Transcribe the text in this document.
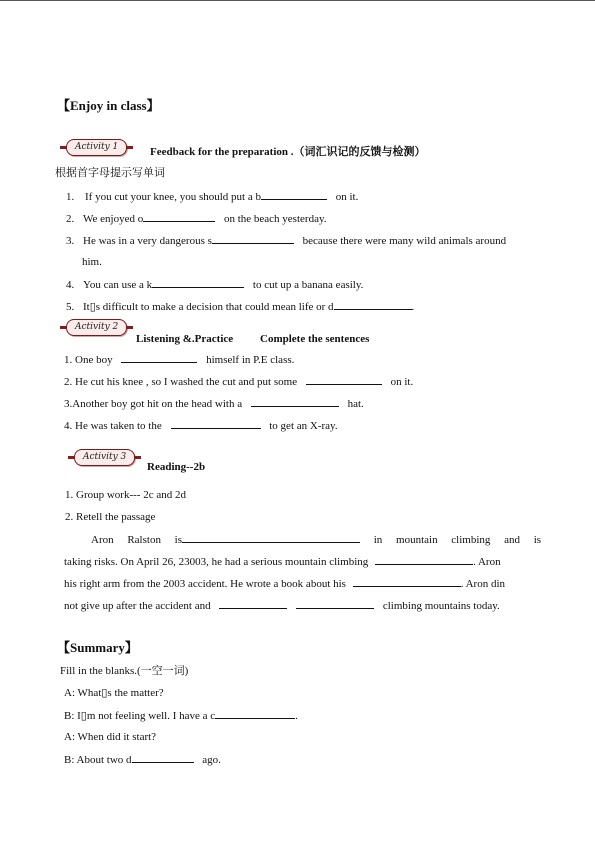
【Enjoy in class】
Activity 1	Feedback for the preparation .（词汇识记的反馈与检测）
根据首字母提示写单词
1. If you cut your knee, you should put a b	on it.
2. We enjoyed o	on the beach yesterday.
3. He was in a very dangerous s	because there were many wild animals around
him.
4. You can use a k	to cut up a banana easily.
5. It▯s difficult to make a decision that could mean life or d	.
Activity 2
Listening &.Practice Complete the sentences
1. One boy	himself in P.E class.
2. He cut his knee , so I washed the cut and put some	on it.
3.Another boy got hit on the head with a	hat.
4. He was taken to the	to get an X-ray.
Activity 3
Reading--2b
1. Group work--- 2c and 2d
2. Retell the passage
Aron Ralston is	in mountain climbing and is
taking risks. On April 26, 23003, he had a serious mountain climbing	. Aron
his right arm from the 2003 accident. He wrote a book about his	. Aron din
not give up after the accident and	climbing mountains today.
【Summary】
Fill in the blanks.(一空一词)
A: What▯s the matter?
B: I▯m not feeling well. I have a c	.
A: When did it start?
B: About two d	ago.
